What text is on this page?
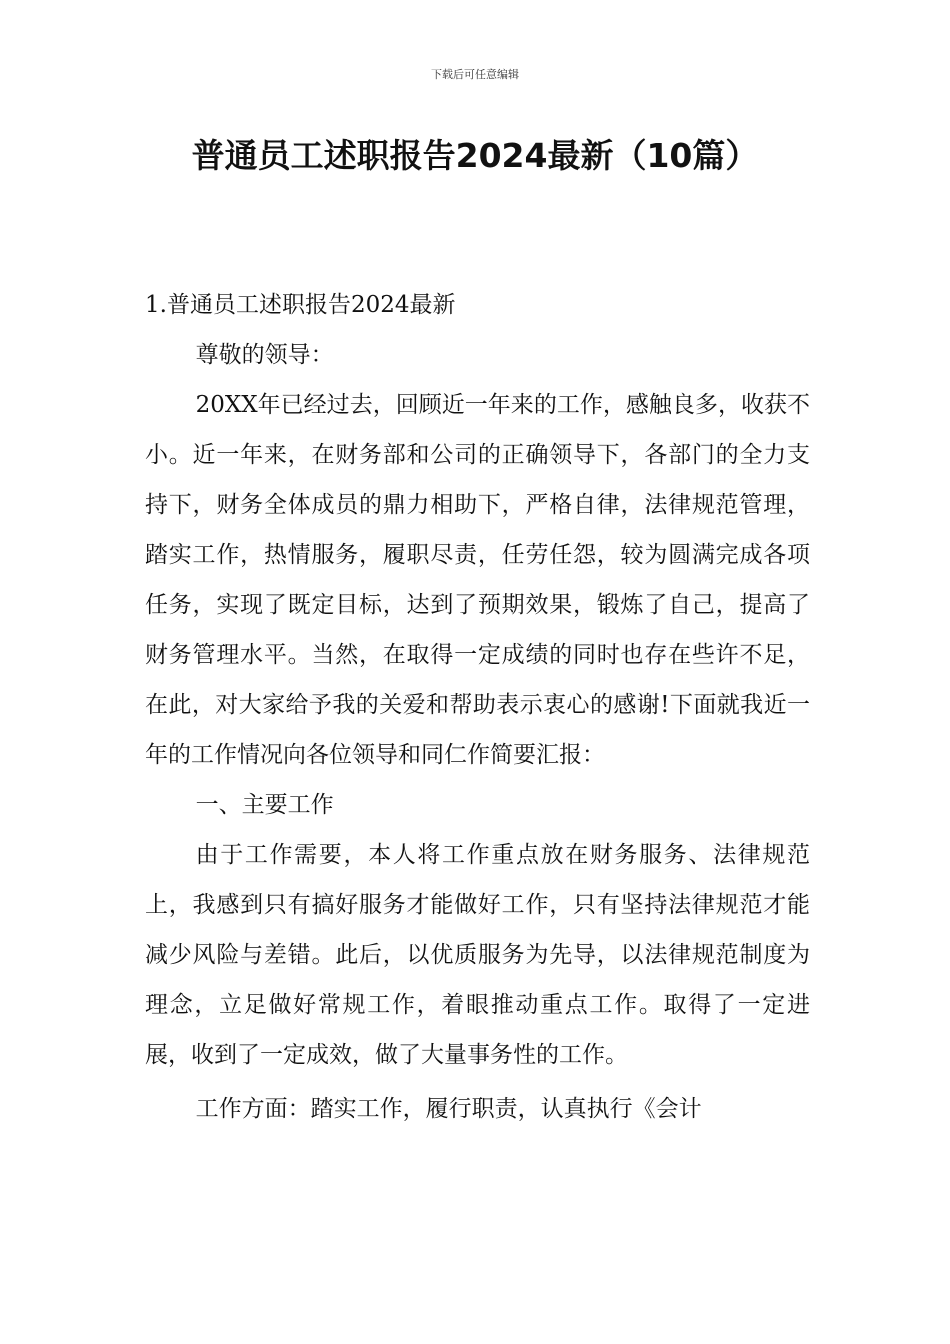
下载后可任意编辑
普通员工述职报告2024最新（10篇）

1.普通员工述职报告2024最新

尊敬的领导：

20XX年已经过去，回顾近一年来的工作，感触良多，收获不小。近一年来，在财务部和公司的正确领导下，各部门的全力支持下，财务全体成员的鼎力相助下，严格自律，法律规范管理，踏实工作，热情服务，履职尽责，任劳任怨，较为圆满完成各项任务，实现了既定目标，达到了预期效果，锻炼了自己，提高了财务管理水平。当然，在取得一定成绩的同时也存在些许不足，在此，对大家给予我的关爱和帮助表示衷心的感谢!下面就我近一年的工作情况向各位领导和同仁作简要汇报：

一、主要工作

由于工作需要，本人将工作重点放在财务服务、法律规范上，我感到只有搞好服务才能做好工作，只有坚持法律规范才能减少风险与差错。此后，以优质服务为先导，以法律规范制度为理念，立足做好常规工作，着眼推动重点工作。取得了一定进展，收到了一定成效，做了大量事务性的工作。

工作方面：踏实工作，履行职责，认真执行《会计
